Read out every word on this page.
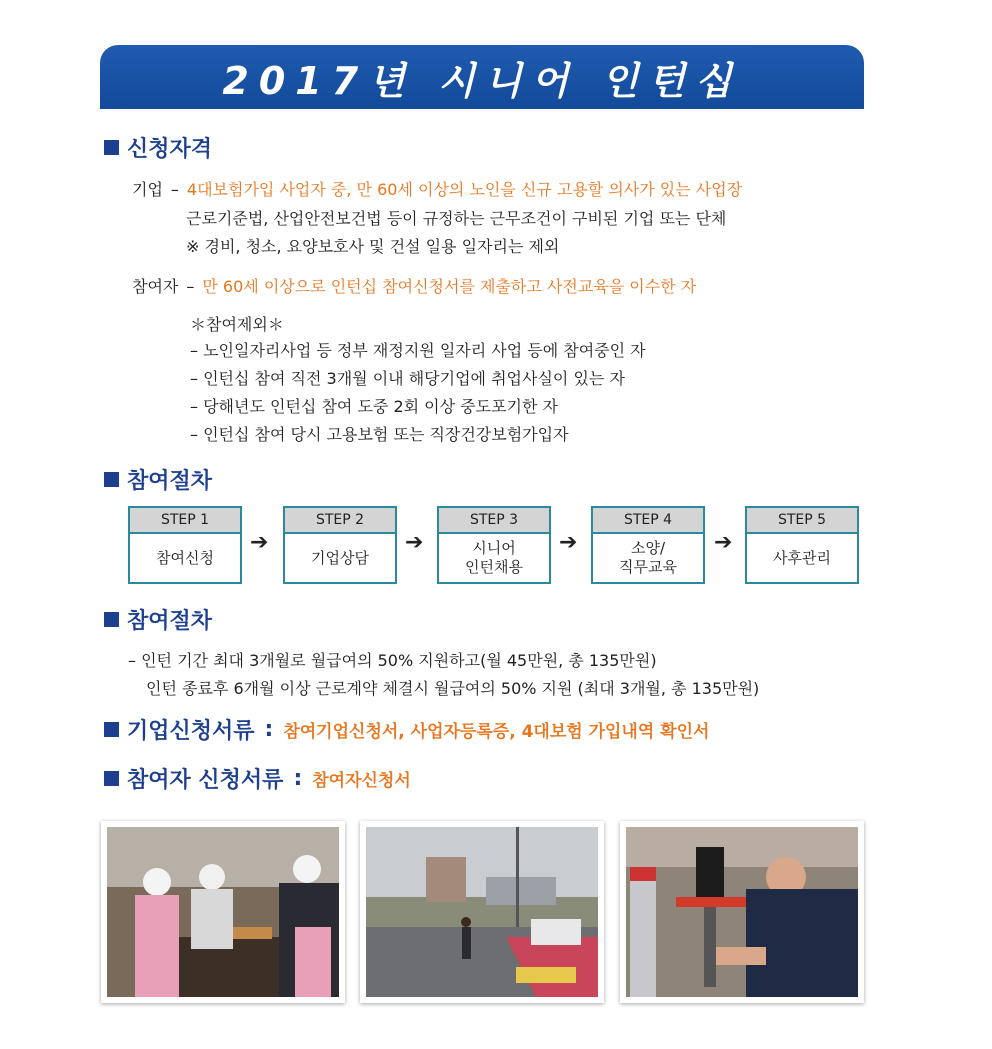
2017년 시니어 인턴십
신청자격
기업 – 4대보험가입 사업자 중, 만 60세 이상의 노인을 신규 고용할 의사가 있는 사업장
근로기준법, 산업안전보건법 등이 규정하는 근무조건이 구비된 기업 또는 단체
※ 경비, 청소, 요양보호사 및 건설 일용 일자리는 제외
참여자 – 만 60세 이상으로 인턴십 참여신청서를 제출하고 사전교육을 이수한 자
＊참여제외＊
– 노인일자리사업 등 정부 재정지원 일자리 사업 등에 참여중인 자
– 인턴십 참여 직전 3개월 이내 해당기업에 취업사실이 있는 자
– 당해년도 인턴십 참여 도중 2회 이상 중도포기한 자
– 인턴십 참여 당시 고용보험 또는 직장건강보험가입자
참여절차
STEP 1
참여신청
➔
STEP 2
기업상담
➔
STEP 3
시니어
인턴채용
➔
STEP 4
소양/
직무교육
➔
STEP 5
사후관리
참여절차
– 인턴 기간 최대 3개월로 월급여의 50% 지원하고(월 45만원, 총 135만원)
인턴 종료후 6개월 이상 근로계약 체결시 월급여의 50% 지원 (최대 3개월, 총 135만원)
기업신청서류 : 참여기업신청서, 사업자등록증, 4대보험 가입내역 확인서
참여자 신청서류 : 참여자신청서
